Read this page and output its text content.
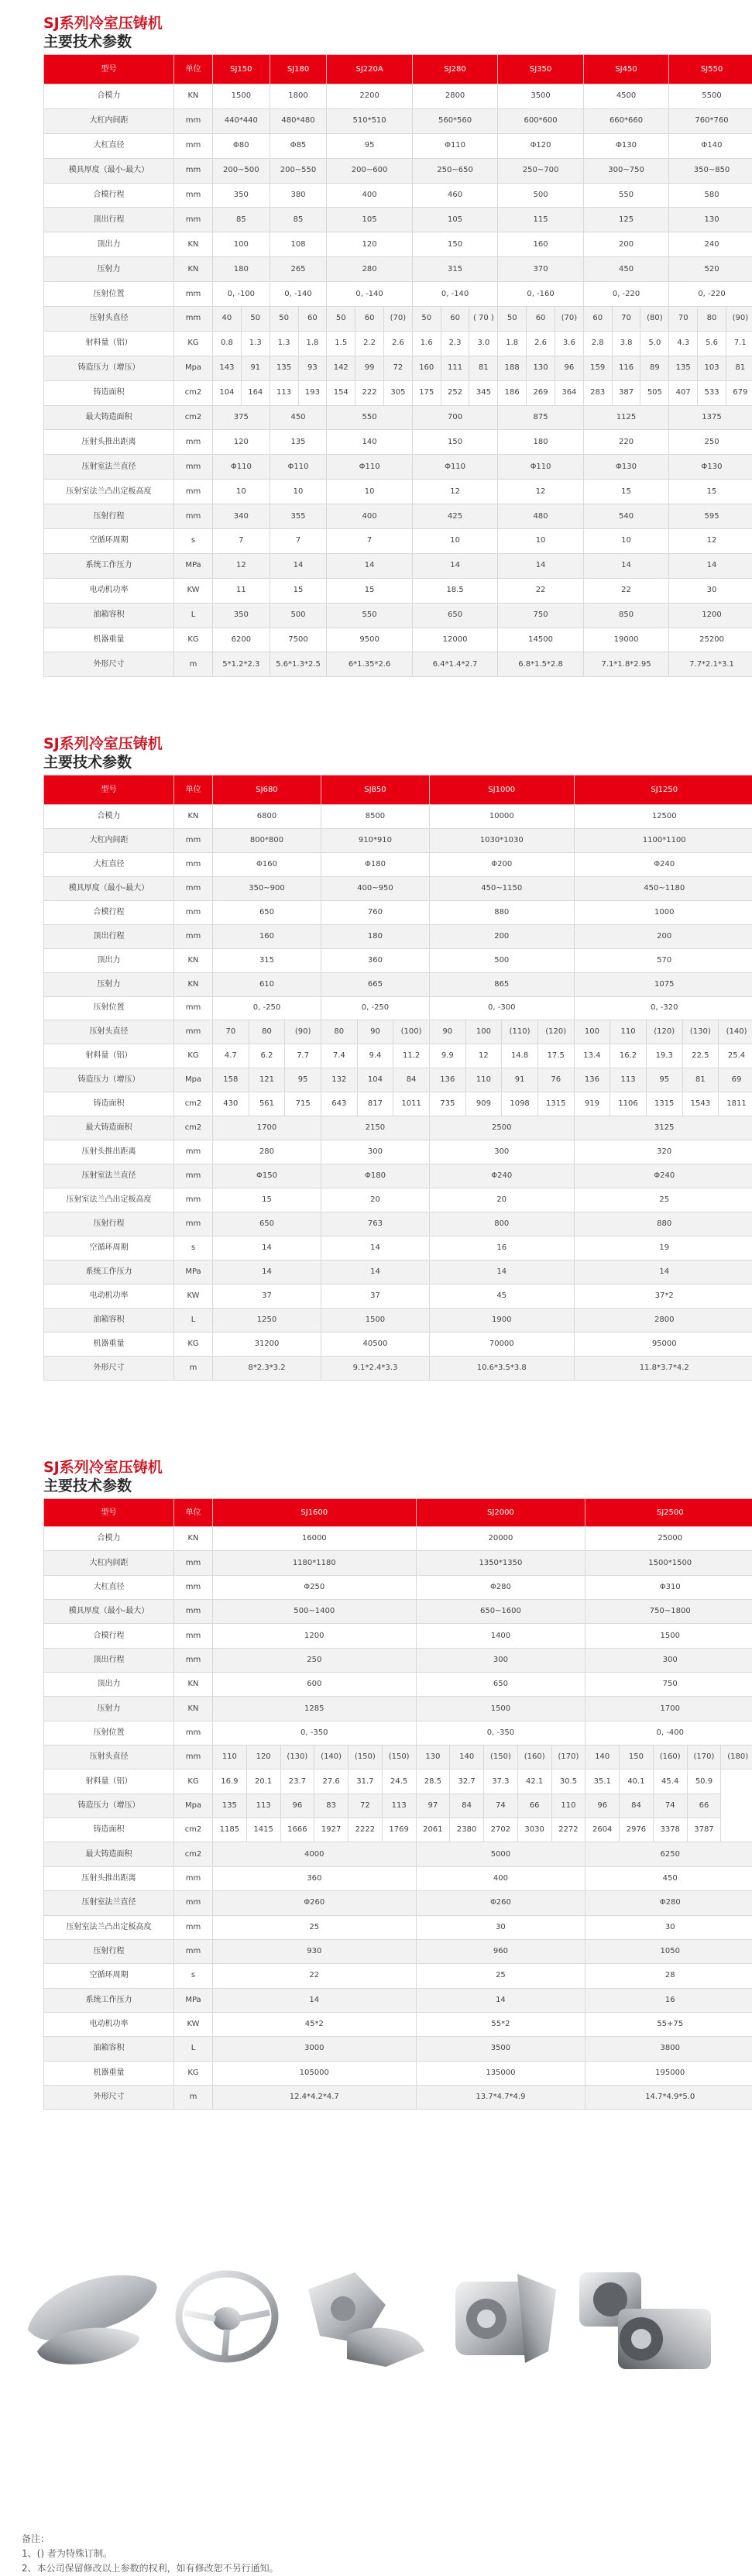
SJ系列冷室压铸机
主要技术参数
型号	单位	SJ150		SJ180		SJ220A			SJ280			SJ350			SJ450			SJ550		
合模力	KN	1500		1800		2200			2800			3500			4500			5500		
大杠内间距	mm	440*440		480*480		510*510			560*560			600*600			660*660			760*760		
大杠直径	mm	Φ80		Φ85		95			Φ110			Φ120			Φ130			Φ140		
模具厚度（最小-最大）	mm	200~500		200~550		200~600			250~650			250~700			300~750			350~850		
合模行程	mm	350		380		400			460			500			550			580		
顶出行程	mm	85		85		105			105			115			125			130		
顶出力	KN	100		108		120			150			160			200			240		
压射力	KN	180		265		280			315			370			450			520		
压射位置	mm	0, -100		0, -140		0, -140			0, -140			0, -160			0, -220			0, -220		
压射头直径	mm	40	50	50	60	50	60	(70)	50	60	( 70 )	50	60	(70)	60	70	(80)	70	80	(90)
射料量（铝）	KG	0.8	1.3	1.3	1.8	1.5	2.2	2.6	1.6	2.3	3.0	1.8	2.6	3.6	2.8	3.8	5.0	4.3	5.6	7.1
铸造压力（增压）	Mpa	143	91	135	93	142	99	72	160	111	81	188	130	96	159	116	89	135	103	81
铸造面积	cm2	104	164	113	193	154	222	305	175	252	345	186	269	364	283	387	505	407	533	679
最大铸造面积	cm2	375		450		550			700			875			1125			1375		
压射头推出距离	mm	120		135		140			150			180			220			250		
压射室法兰直径	mm	Φ110		Φ110		Φ110			Φ110			Φ110			Φ130			Φ130		
压射室法兰凸出定板高度	mm	10		10		10			12			12			15			15		
压射行程	mm	340		355		400			425			480			540			595		
空循环周期	s	7		7		7			10			10			10			12		
系统工作压力	MPa	12		14		14			14			14			14			14		
电动机功率	KW	11		15		15			18.5			22			22			30		
油箱容积	L	350		500		550			650			750			850			1200		
机器重量	KG	6200		7500		9500			12000			14500			19000			25200		
外形尺寸	m	5*1.2*2.3		5.6*1.3*2.5		6*1.35*2.6			6.4*1.4*2.7			6.8*1.5*2.8			7.1*1.8*2.95			7.7*2.1*3.1		
SJ系列冷室压铸机
主要技术参数
型号	单位	SJ680			SJ850			SJ1000				SJ1250				
合模力	KN	6800			8500			10000				12500				
大杠内间距	mm	800*800			910*910			1030*1030				1100*1100				
大杠直径	mm	Φ160			Φ180			Φ200				Φ240				
模具厚度（最小-最大）	mm	350~900			400~950			450~1150				450~1180				
合模行程	mm	650			760			880				1000				
顶出行程	mm	160			180			200				200				
顶出力	KN	315			360			500				570				
压射力	KN	610			665			865				1075				
压射位置	mm	0, -250			0, -250			0, -300				0, -320				
压射头直径	mm	70	80	(90)	80	90	(100)	90	100	(110)	(120)	100	110	(120)	(130)	(140)
射料量（铝）	KG	4.7	6.2	7.7	7.4	9.4	11.2	9.9	12	14.8	17.5	13.4	16.2	19.3	22.5	25.4
铸造压力（增压）	Mpa	158	121	95	132	104	84	136	110	91	76	136	113	95	81	69
铸造面积	cm2	430	561	715	643	817	1011	735	909	1098	1315	919	1106	1315	1543	1811
最大铸造面积	cm2	1700			2150			2500				3125				
压射头推出距离	mm	280			300			300				320				
压射室法兰直径	mm	Φ150			Φ180			Φ240				Φ240				
压射室法兰凸出定板高度	mm	15			20			20				25				
压射行程	mm	650			763			800				880				
空循环周期	s	14			14			16				19				
系统工作压力	MPa	14			14			14				14				
电动机功率	KW	37			37			45				37*2				
油箱容积	L	1250			1500			1900				2800				
机器重量	KG	31200			40500			70000				95000				
外形尺寸	m	8*2.3*3.2			9.1*2.4*3.3			10.6*3.5*3.8				11.8*3.7*4.2				
SJ系列冷室压铸机
主要技术参数
型号	单位	SJ1600						SJ2000					SJ2500				
合模力	KN	16000						20000					25000				
大杠内间距	mm	1180*1180						1350*1350					1500*1500				
大杠直径	mm	Φ250						Φ280					Φ310				
模具厚度（最小-最大）	mm	500~1400						650~1600					750~1800				
合模行程	mm	1200						1400					1500				
顶出行程	mm	250						300					300				
顶出力	KN	600						650					750				
压射力	KN	1285						1500					1700				
压射位置	mm	0, -350						0, -350					0, -400				
压射头直径	mm	110	120	(130)	(140)	(150)	(150)	130	140	(150)	(160)	(170)	140	150	(160)	(170)	(180)
射料量（铝）	KG	16.9	20.1	23.7	27.6	31.7	24.5	28.5	32.7	37.3	42.1	30.5	35.1	40.1	45.4	50.9	
铸造压力（增压）	Mpa	135	113	96	83	72	113	97	84	74	66	110	96	84	74	66	
铸造面积	cm2	1185	1415	1666	1927	2222	1769	2061	2380	2702	3030	2272	2604	2976	3378	3787	
最大铸造面积	cm2	4000						5000					6250				
压射头推出距离	mm	360						400					450				
压射室法兰直径	mm	Φ260						Φ260					Φ280				
压射室法兰凸出定板高度	mm	25						30					30				
压射行程	mm	930						960					1050				
空循环周期	s	22						25					28				
系统工作压力	MPa	14						14					16				
电动机功率	KW	45*2						55*2					55+75				
油箱容积	L	3000						3500					3800				
机器重量	KG	105000						135000					195000				
外形尺寸	m	12.4*4.2*4.7						13.7*4.7*4.9					14.7*4.9*5.0				
备注：
1、() 者为特殊订制。
2、本公司保留修改以上参数的权利，如有修改恕不另行通知。
